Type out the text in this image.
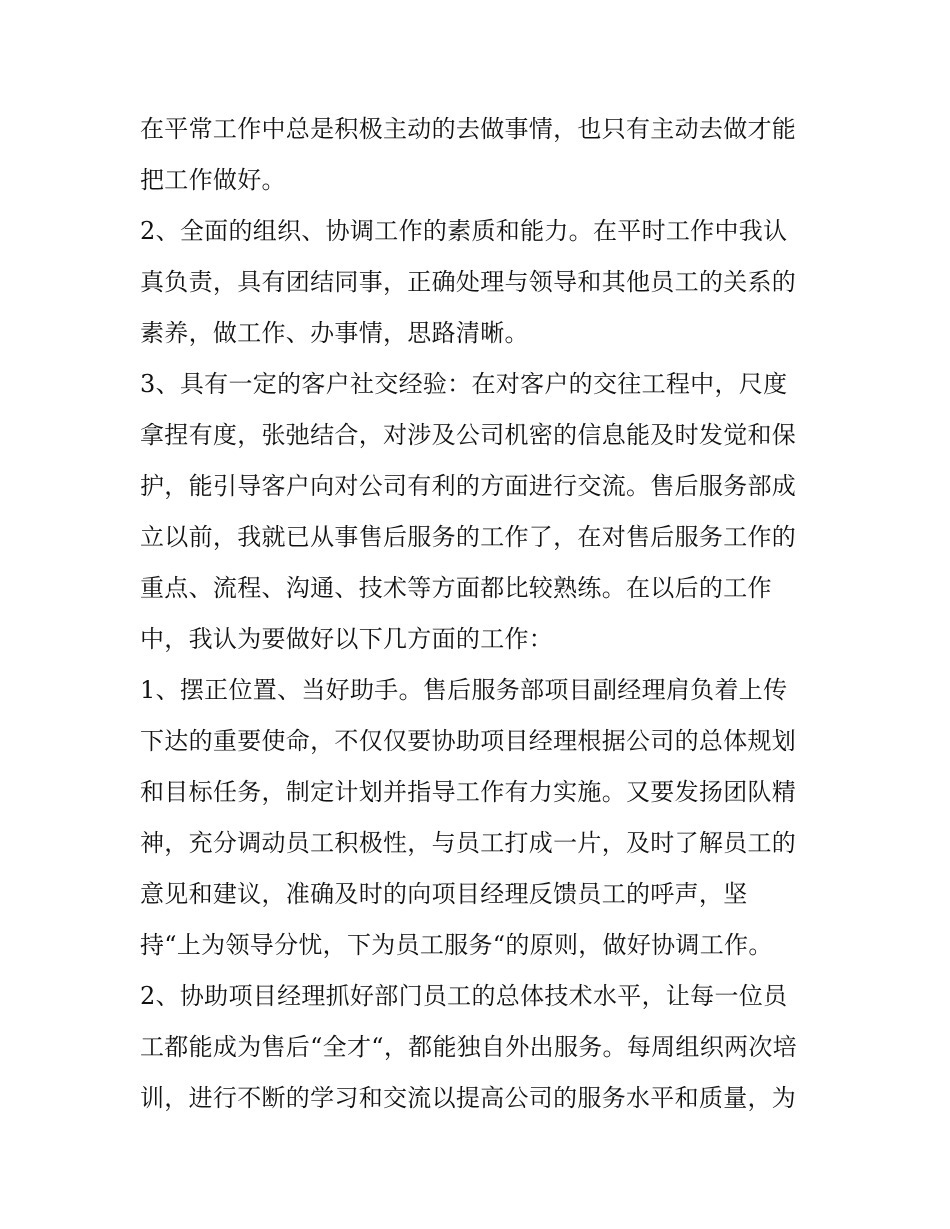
在平常工作中总是积极主动的去做事情，也只有主动去做才能
把工作做好。
2、全面的组织、协调工作的素质和能力。在平时工作中我认
真负责，具有团结同事，正确处理与领导和其他员工的关系的
素养，做工作、办事情，思路清晰。
3、具有一定的客户社交经验：在对客户的交往工程中，尺度
拿捏有度，张弛结合，对涉及公司机密的信息能及时发觉和保
护，能引导客户向对公司有利的方面进行交流。售后服务部成
立以前，我就已从事售后服务的工作了，在对售后服务工作的
重点、流程、沟通、技术等方面都比较熟练。在以后的工作
中，我认为要做好以下几方面的工作：
1、摆正位置、当好助手。售后服务部项目副经理肩负着上传
下达的重要使命，不仅仅要协助项目经理根据公司的总体规划
和目标任务，制定计划并指导工作有力实施。又要发扬团队精
神，充分调动员工积极性，与员工打成一片，及时了解员工的
意见和建议，准确及时的向项目经理反馈员工的呼声，坚
持“上为领导分忧，下为员工服务“的原则，做好协调工作。
2、协助项目经理抓好部门员工的总体技术水平，让每一位员
工都能成为售后“全才“，都能独自外出服务。每周组织两次培
训，进行不断的学习和交流以提高公司的服务水平和质量，为
